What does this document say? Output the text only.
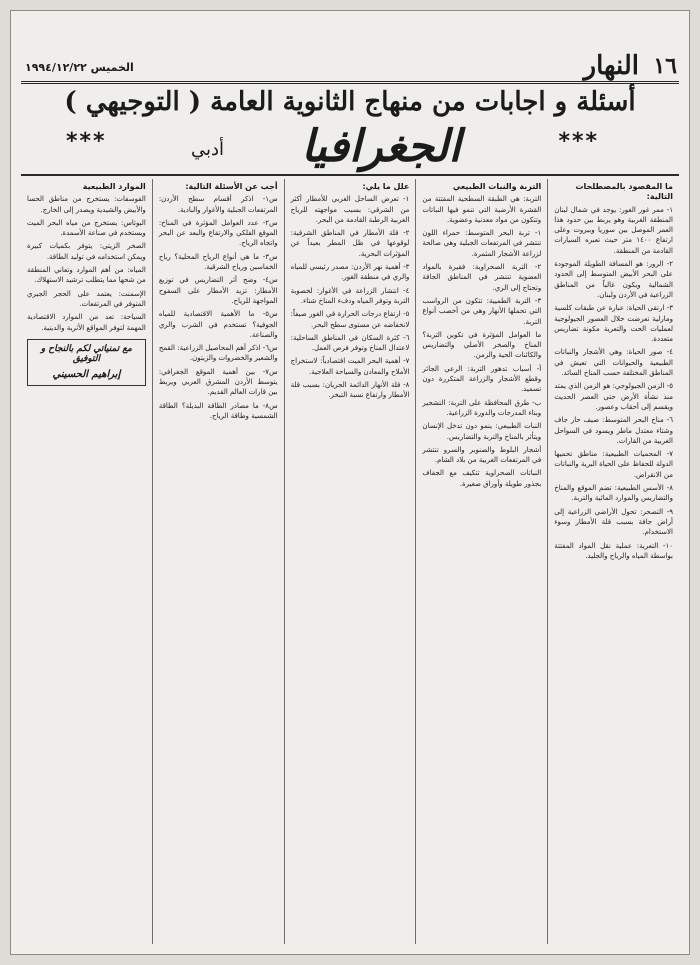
١٦
النهار
الخميس ١٩٩٤/١٢/٢٢
أسئلة و اجابات من منهاج الثانوية العامة ( التوجيهي )
***
الجغرافيا
أدبي
***
ما المقصود بالمصطلحات التالية:

١- ممر غور الغور: يوجد في شمال لبنان المنطقة الغربية وهو يربط بين حدود هذا العمر الموصل بين سوريا وبيروت وعلى ارتفاع ١٤٠٠ متر حيث تعبره السيارات القادمة من المنطقة.

٢- الرور: هو المسافة الطويلة الموجودة على البحر الأبيض المتوسط إلى الحدود الشمالية ويكون غالباً من المناطق الزراعية في الأردن ولبنان.

٣- ارتقى الحياة: عبارة عن طبقات كلسية ومارلية تعرضت خلال العصور الجيولوجية لعمليات الحت والتعرية مكونة تضاريس متعددة.

٤- صور الحياة: وهي الأشجار والنباتات الطبيعية والحيوانات التي تعيش في المناطق المختلفة حسب المناخ السائد.

٥- الزمن الجيولوجي: هو الزمن الذي يمتد منذ نشأة الأرض حتى العصر الحديث ويقسم إلى أحقاب وعصور.

٦- مناخ البحر المتوسط: صيف حار جاف وشتاء معتدل ماطر ويسود في السواحل الغربية من القارات.

٧- المحميات الطبيعية: مناطق تحميها الدولة للحفاظ على الحياة البرية والنباتات من الانقراض.

٨- الأسس الطبيعية: تضم الموقع والمناخ والتضاريس والموارد المائية والتربة.

٩- التصحر: تحول الأراضي الزراعية إلى أراض جافة بسبب قلة الأمطار وسوء الاستخدام.

١٠- التعرية: عملية نقل المواد المفتتة بواسطة المياه والرياح والجليد.

التربة والنبات الطبيعي

التربة: هي الطبقة السطحية المفتتة من القشرة الأرضية التي تنمو فيها النباتات وتتكون من مواد معدنية وعضوية.

١- تربة البحر المتوسط: حمراء اللون تنتشر في المرتفعات الجبلية وهي صالحة لزراعة الأشجار المثمرة.

٢- التربة الصحراوية: فقيرة بالمواد العضوية تنتشر في المناطق الجافة وتحتاج إلى الري.

٣- التربة الطميية: تتكون من الرواسب التي تحملها الأنهار وهي من أخصب أنواع التربة.

ما العوامل المؤثرة في تكوين التربة؟ المناخ والصخر الأصلي والتضاريس والكائنات الحية والزمن.

أ- أسباب تدهور التربة: الرعي الجائر وقطع الأشجار والزراعة المتكررة دون تسميد.

ب- طرق المحافظة على التربة: التشجير وبناء المدرجات والدورة الزراعية.

النبات الطبيعي: ينمو دون تدخل الإنسان ويتأثر بالمناخ والتربة والتضاريس.

أشجار البلوط والصنوبر والسرو تنتشر في المرتفعات الغربية من بلاد الشام.

النباتات الصحراوية تتكيف مع الجفاف بجذور طويلة وأوراق صغيرة.

علل ما يلي:

١- تعرض الساحل الغربي للأمطار أكثر من الشرقي: بسبب مواجهته للرياح الغربية الرطبة القادمة من البحر.

٢- قلة الأمطار في المناطق الشرقية: لوقوعها في ظل المطر بعيداً عن المؤثرات البحرية.

٣- أهمية نهر الأردن: مصدر رئيسي للمياه والري في منطقة الغور.

٤- انتشار الزراعة في الأغوار: لخصوبة التربة وتوفر المياه ودفء المناخ شتاء.

٥- ارتفاع درجات الحرارة في الغور صيفاً: لانخفاضه عن مستوى سطح البحر.

٦- كثرة السكان في المناطق الساحلية: لاعتدال المناخ وتوفر فرص العمل.

٧- أهمية البحر الميت اقتصادياً: لاستخراج الأملاح والمعادن والسياحة العلاجية.

٨- قلة الأنهار الدائمة الجريان: بسبب قلة الأمطار وارتفاع نسبة التبخر.

أجب عن الأسئلة التالية:

س١- اذكر أقسام سطح الأردن: المرتفعات الجبلية والأغوار والبادية.

س٢- عدد العوامل المؤثرة في المناخ: الموقع الفلكي والارتفاع والبعد عن البحر واتجاه الرياح.

س٣- ما هي أنواع الرياح المحلية؟ رياح الخماسين ورياح الشرقية.

س٤- وضح أثر التضاريس في توزيع الأمطار: تزيد الأمطار على السفوح المواجهة للرياح.

س٥- ما الأهمية الاقتصادية للمياه الجوفية؟ تستخدم في الشرب والري والصناعة.

س٦- اذكر أهم المحاصيل الزراعية: القمح والشعير والخضروات والزيتون.

س٧- بين أهمية الموقع الجغرافي: يتوسط الأردن المشرق العربي ويربط بين قارات العالم القديم.

س٨- ما مصادر الطاقة البديلة؟ الطاقة الشمسية وطاقة الرياح.

الموارد الطبيعية

الفوسفات: يستخرج من مناطق الحسا والأبيض والشيدية ويصدر إلى الخارج.

البوتاس: يستخرج من مياه البحر الميت ويستخدم في صناعة الأسمدة.

الصخر الزيتي: يتوفر بكميات كبيرة ويمكن استخدامه في توليد الطاقة.

المياه: من أهم الموارد وتعاني المنطقة من شحها مما يتطلب ترشيد الاستهلاك.

الإسمنت: يعتمد على الحجر الجيري المتوفر في المرتفعات.

السياحة: تعد من الموارد الاقتصادية المهمة لتوفر المواقع الأثرية والدينية.

مع تمنياتي لكم بالنجاح و التوفيق
إبراهيم الحسيني
